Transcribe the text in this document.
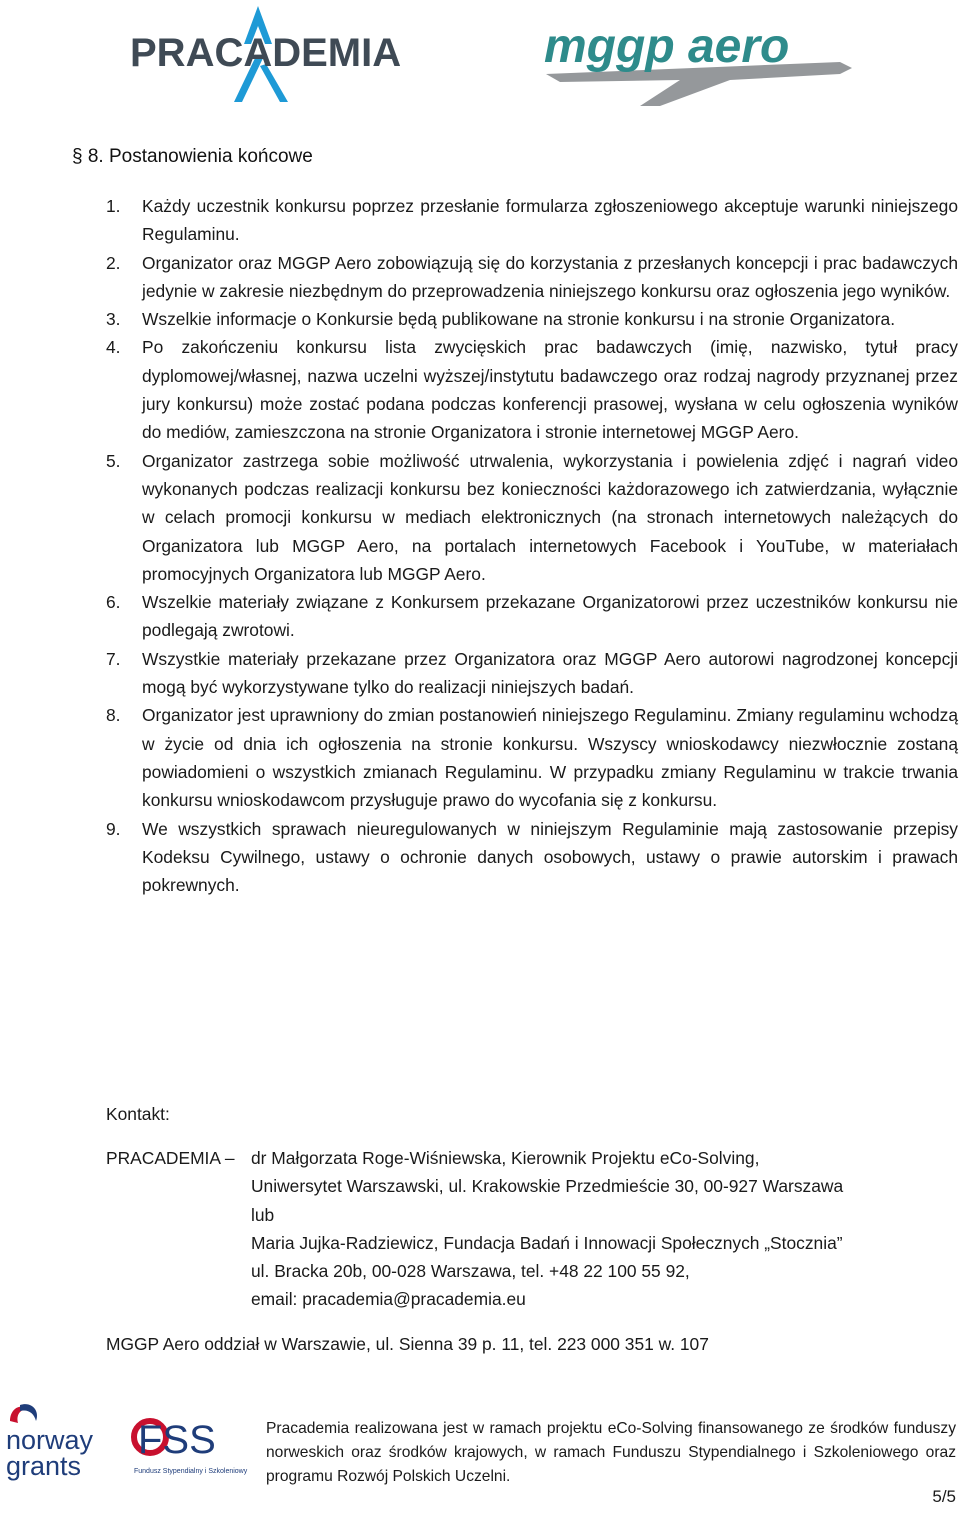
PRACADEMIA	mggp aero
§ 8. Postanowienia końcowe
1.	Każdy uczestnik konkursu poprzez przesłanie formularza zgłoszeniowego akceptuje warunki niniejszego Regulaminu.
2.	Organizator oraz MGGP Aero zobowiązują się do korzystania z przesłanych koncepcji i prac badawczych jedynie w zakresie niezbędnym do przeprowadzenia niniejszego konkursu oraz ogłoszenia jego wyników.
3.	Wszelkie informacje o Konkursie będą publikowane na stronie konkursu i na stronie Organizatora.
4.	Po zakończeniu konkursu lista zwycięskich prac badawczych (imię, nazwisko, tytuł pracy dyplomowej/własnej, nazwa uczelni wyższej/instytutu badawczego oraz rodzaj nagrody przyznanej przez jury konkursu) może zostać podana podczas konferencji prasowej, wysłana w celu ogłoszenia wyników do mediów, zamieszczona na stronie Organizatora i stronie internetowej MGGP Aero.
5.	Organizator zastrzega sobie możliwość utrwalenia, wykorzystania i powielenia zdjęć i nagrań video wykonanych podczas realizacji konkursu bez konieczności każdorazowego ich zatwierdzania, wyłącznie w celach promocji konkursu w mediach elektronicznych (na stronach internetowych należących do Organizatora lub MGGP Aero, na portalach internetowych Facebook i YouTube, w materiałach promocyjnych Organizatora lub MGGP Aero.
6.	Wszelkie materiały związane z Konkursem przekazane Organizatorowi przez uczestników konkursu nie podlegają zwrotowi.
7.	Wszystkie materiały przekazane przez Organizatora oraz MGGP Aero autorowi nagrodzonej koncepcji mogą być wykorzystywane tylko do realizacji niniejszych badań.
8.	Organizator jest uprawniony do zmian postanowień niniejszego Regulaminu. Zmiany regulaminu wchodzą w życie od dnia ich ogłoszenia na stronie konkursu. Wszyscy wnioskodawcy niezwłocznie zostaną powiadomieni o wszystkich zmianach Regulaminu. W przypadku zmiany Regulaminu w trakcie trwania konkursu wnioskodawcom przysługuje prawo do wycofania się z konkursu.
9.	We wszystkich sprawach nieuregulowanych w niniejszym Regulaminie mają zastosowanie przepisy Kodeksu Cywilnego, ustawy o ochronie danych osobowych, ustawy o prawie autorskim i prawach pokrewnych.
Kontakt:
PRACADEMIA – dr Małgorzata Roge-Wiśniewska, Kierownik Projektu eCo-Solving,
Uniwersytet Warszawski, ul. Krakowskie Przedmieście 30, 00-927 Warszawa
lub
Maria Jujka-Radziewicz, Fundacja Badań i Innowacji Społecznych „Stocznia”
ul. Bracka 20b, 00-028 Warszawa, tel. +48 22 100 55 92,
email: pracademia@pracademia.eu
MGGP Aero oddział w Warszawie, ul. Sienna 39 p. 11, tel. 223 000 351 w. 107
norway
grants
FSS
Fundusz Stypendialny i Szkoleniowy
Pracademia realizowana jest w ramach projektu eCo-Solving finansowanego ze środków funduszy norweskich oraz środków krajowych, w ramach Funduszu Stypendialnego i Szkoleniowego oraz programu Rozwój Polskich Uczelni.
5/5
